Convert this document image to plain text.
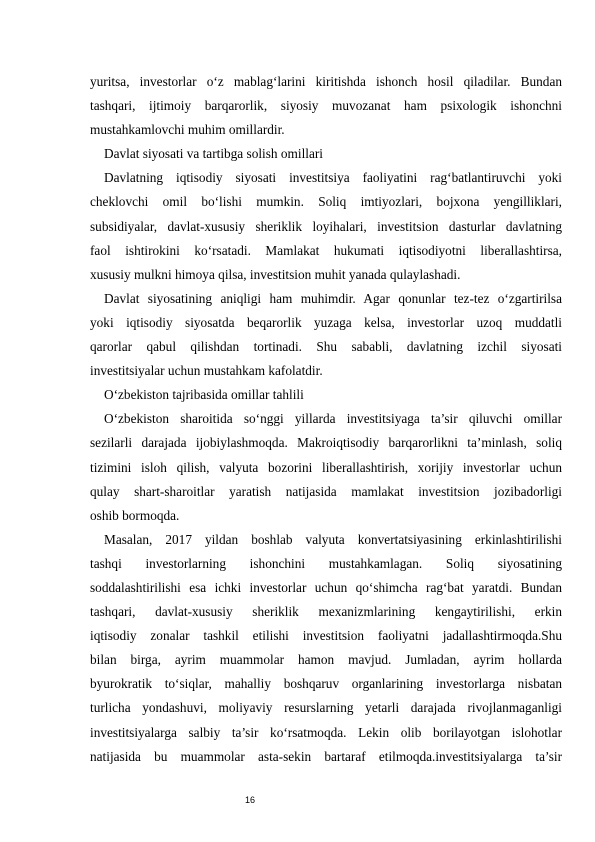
yuritsa, investorlar o‘z mablag‘larini kiritishda ishonch hosil qiladilar. Bundan
tashqari, ijtimoiy barqarorlik, siyosiy muvozanat ham psixologik ishonchni
mustahkamlovchi muhim omillardir.
Davlat siyosati va tartibga solish omillari
Davlatning iqtisodiy siyosati investitsiya faoliyatini rag‘batlantiruvchi yoki
cheklovchi omil bo‘lishi mumkin. Soliq imtiyozlari, bojxona yengilliklari,
subsidiyalar, davlat-xususiy sheriklik loyihalari, investitsion dasturlar davlatning
faol ishtirokini ko‘rsatadi. Mamlakat hukumati iqtisodiyotni liberallashtirsa,
xususiy mulkni himoya qilsa, investitsion muhit yanada qulaylashadi.
Davlat siyosatining aniqligi ham muhimdir. Agar qonunlar tez-tez o‘zgartirilsa
yoki iqtisodiy siyosatda beqarorlik yuzaga kelsa, investorlar uzoq muddatli
qarorlar qabul qilishdan tortinadi. Shu sababli, davlatning izchil siyosati
investitsiyalar uchun mustahkam kafolatdir.
O‘zbekiston tajribasida omillar tahlili
O‘zbekiston sharoitida so‘nggi yillarda investitsiyaga ta’sir qiluvchi omillar
sezilarli darajada ijobiylashmoqda. Makroiqtisodiy barqarorlikni ta’minlash, soliq
tizimini isloh qilish, valyuta bozorini liberallashtirish, xorijiy investorlar uchun
qulay shart-sharoitlar yaratish natijasida mamlakat investitsion jozibadorligi
oshib bormoqda.
Masalan, 2017 yildan boshlab valyuta konvertatsiyasining erkinlashtirilishi
tashqi investorlarning ishonchini mustahkamlagan. Soliq siyosatining
soddalashtirilishi esa ichki investorlar uchun qo‘shimcha rag‘bat yaratdi. Bundan
tashqari, davlat-xususiy sheriklik mexanizmlarining kengaytirilishi, erkin
iqtisodiy zonalar tashkil etilishi investitsion faoliyatni jadallashtirmoqda.Shu
bilan birga, ayrim muammolar hamon mavjud. Jumladan, ayrim hollarda
byurokratik to‘siqlar, mahalliy boshqaruv organlarining investorlarga nisbatan
turlicha yondashuvi, moliyaviy resurslarning yetarli darajada rivojlanmaganligi
investitsiyalarga salbiy ta’sir ko‘rsatmoqda. Lekin olib borilayotgan islohotlar
natijasida bu muammolar asta-sekin bartaraf etilmoqda.investitsiyalarga ta’sir
16
